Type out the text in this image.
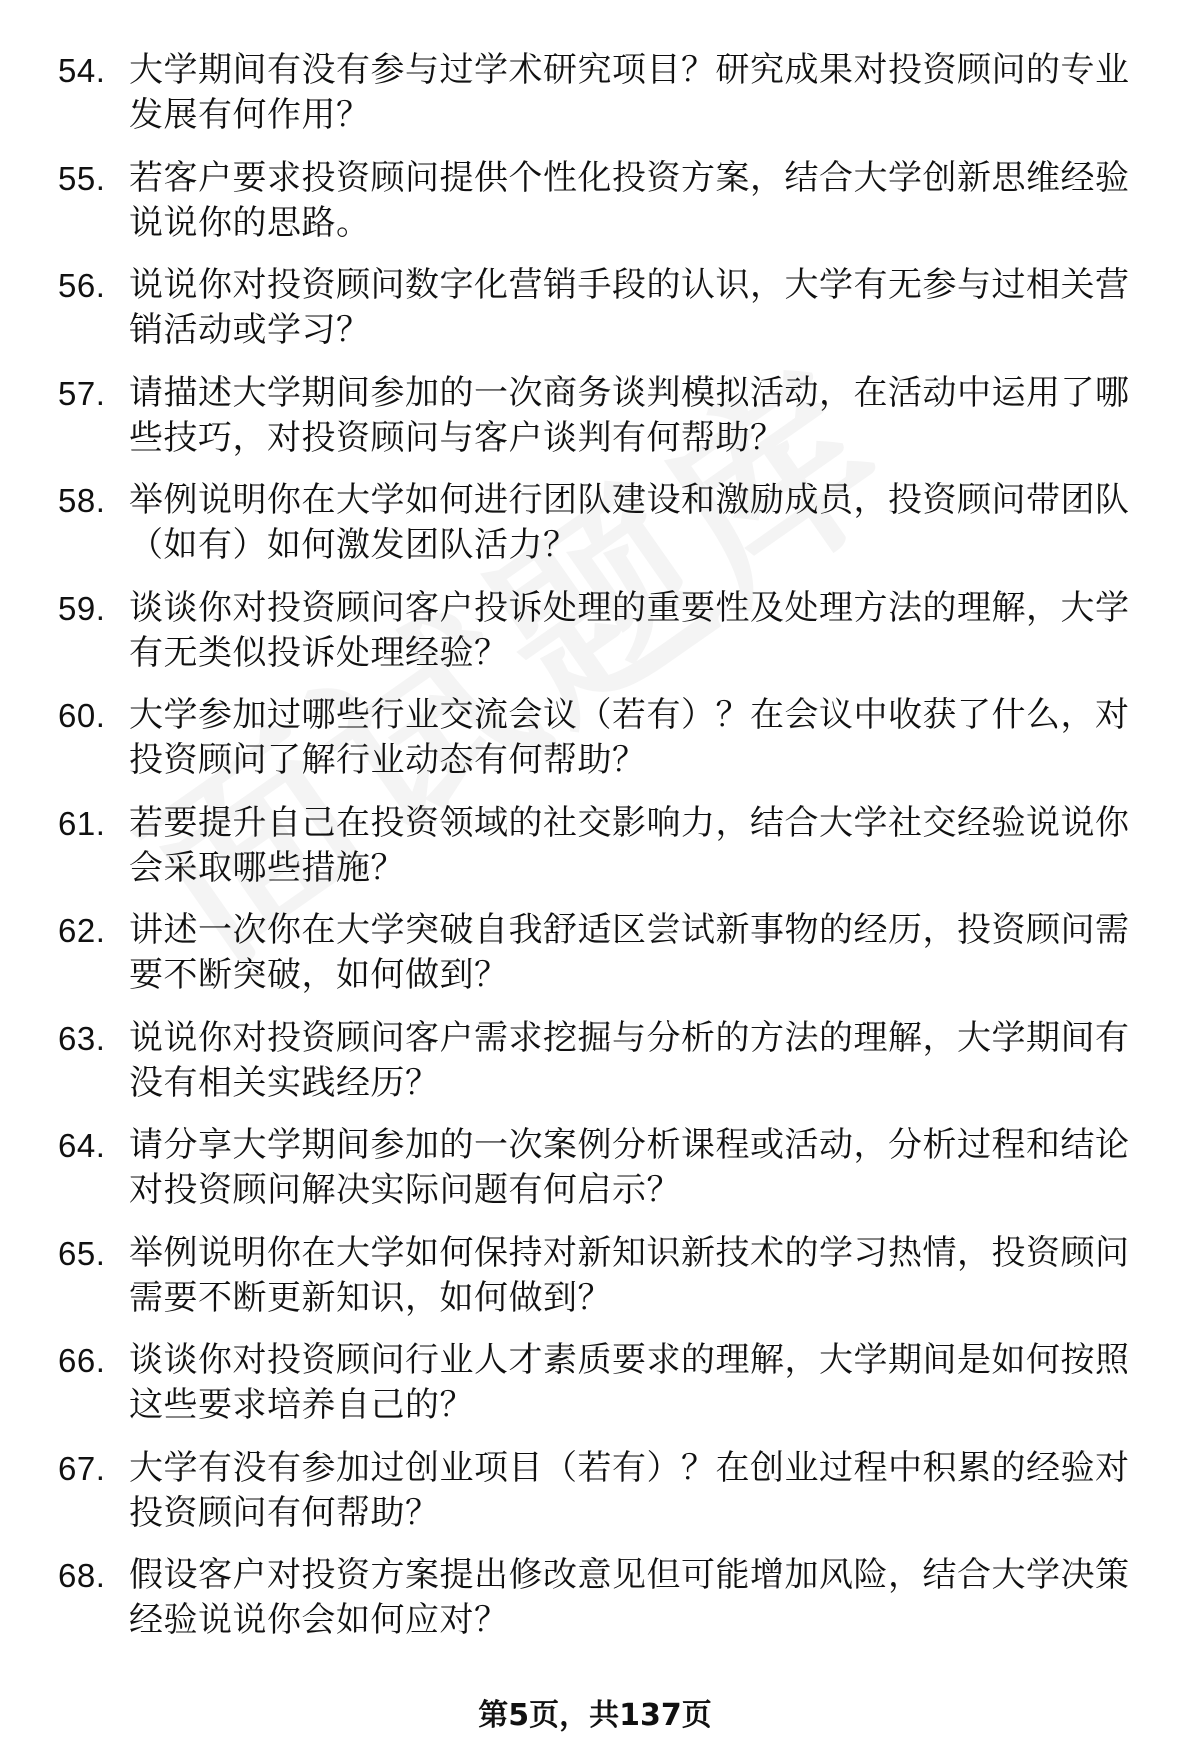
54. 大学期间有没有参与过学术研究项目？研究成果对投资顾问的专业发展有何作用？
55. 若客户要求投资顾问提供个性化投资方案，结合大学创新思维经验说说你的思路。
56. 说说你对投资顾问数字化营销手段的认识，大学有无参与过相关营销活动或学习？
57. 请描述大学期间参加的一次商务谈判模拟活动，在活动中运用了哪些技巧，对投资顾问与客户谈判有何帮助？
58. 举例说明你在大学如何进行团队建设和激励成员，投资顾问带团队（如有）如何激发团队活力？
59. 谈谈你对投资顾问客户投诉处理的重要性及处理方法的理解，大学有无类似投诉处理经验？
60. 大学参加过哪些行业交流会议（若有）？在会议中收获了什么，对投资顾问了解行业动态有何帮助？
61. 若要提升自己在投资领域的社交影响力，结合大学社交经验说说你会采取哪些措施？
62. 讲述一次你在大学突破自我舒适区尝试新事物的经历，投资顾问需要不断突破，如何做到？
63. 说说你对投资顾问客户需求挖掘与分析的方法的理解，大学期间有没有相关实践经历？
64. 请分享大学期间参加的一次案例分析课程或活动，分析过程和结论对投资顾问解决实际问题有何启示？
65. 举例说明你在大学如何保持对新知识新技术的学习热情，投资顾问需要不断更新知识，如何做到？
66. 谈谈你对投资顾问行业人才素质要求的理解，大学期间是如何按照这些要求培养自己的？
67. 大学有没有参加过创业项目（若有）？在创业过程中积累的经验对投资顾问有何帮助？
68. 假设客户对投资方案提出修改意见但可能增加风险，结合大学决策经验说说你会如何应对？
第5页，共137页
